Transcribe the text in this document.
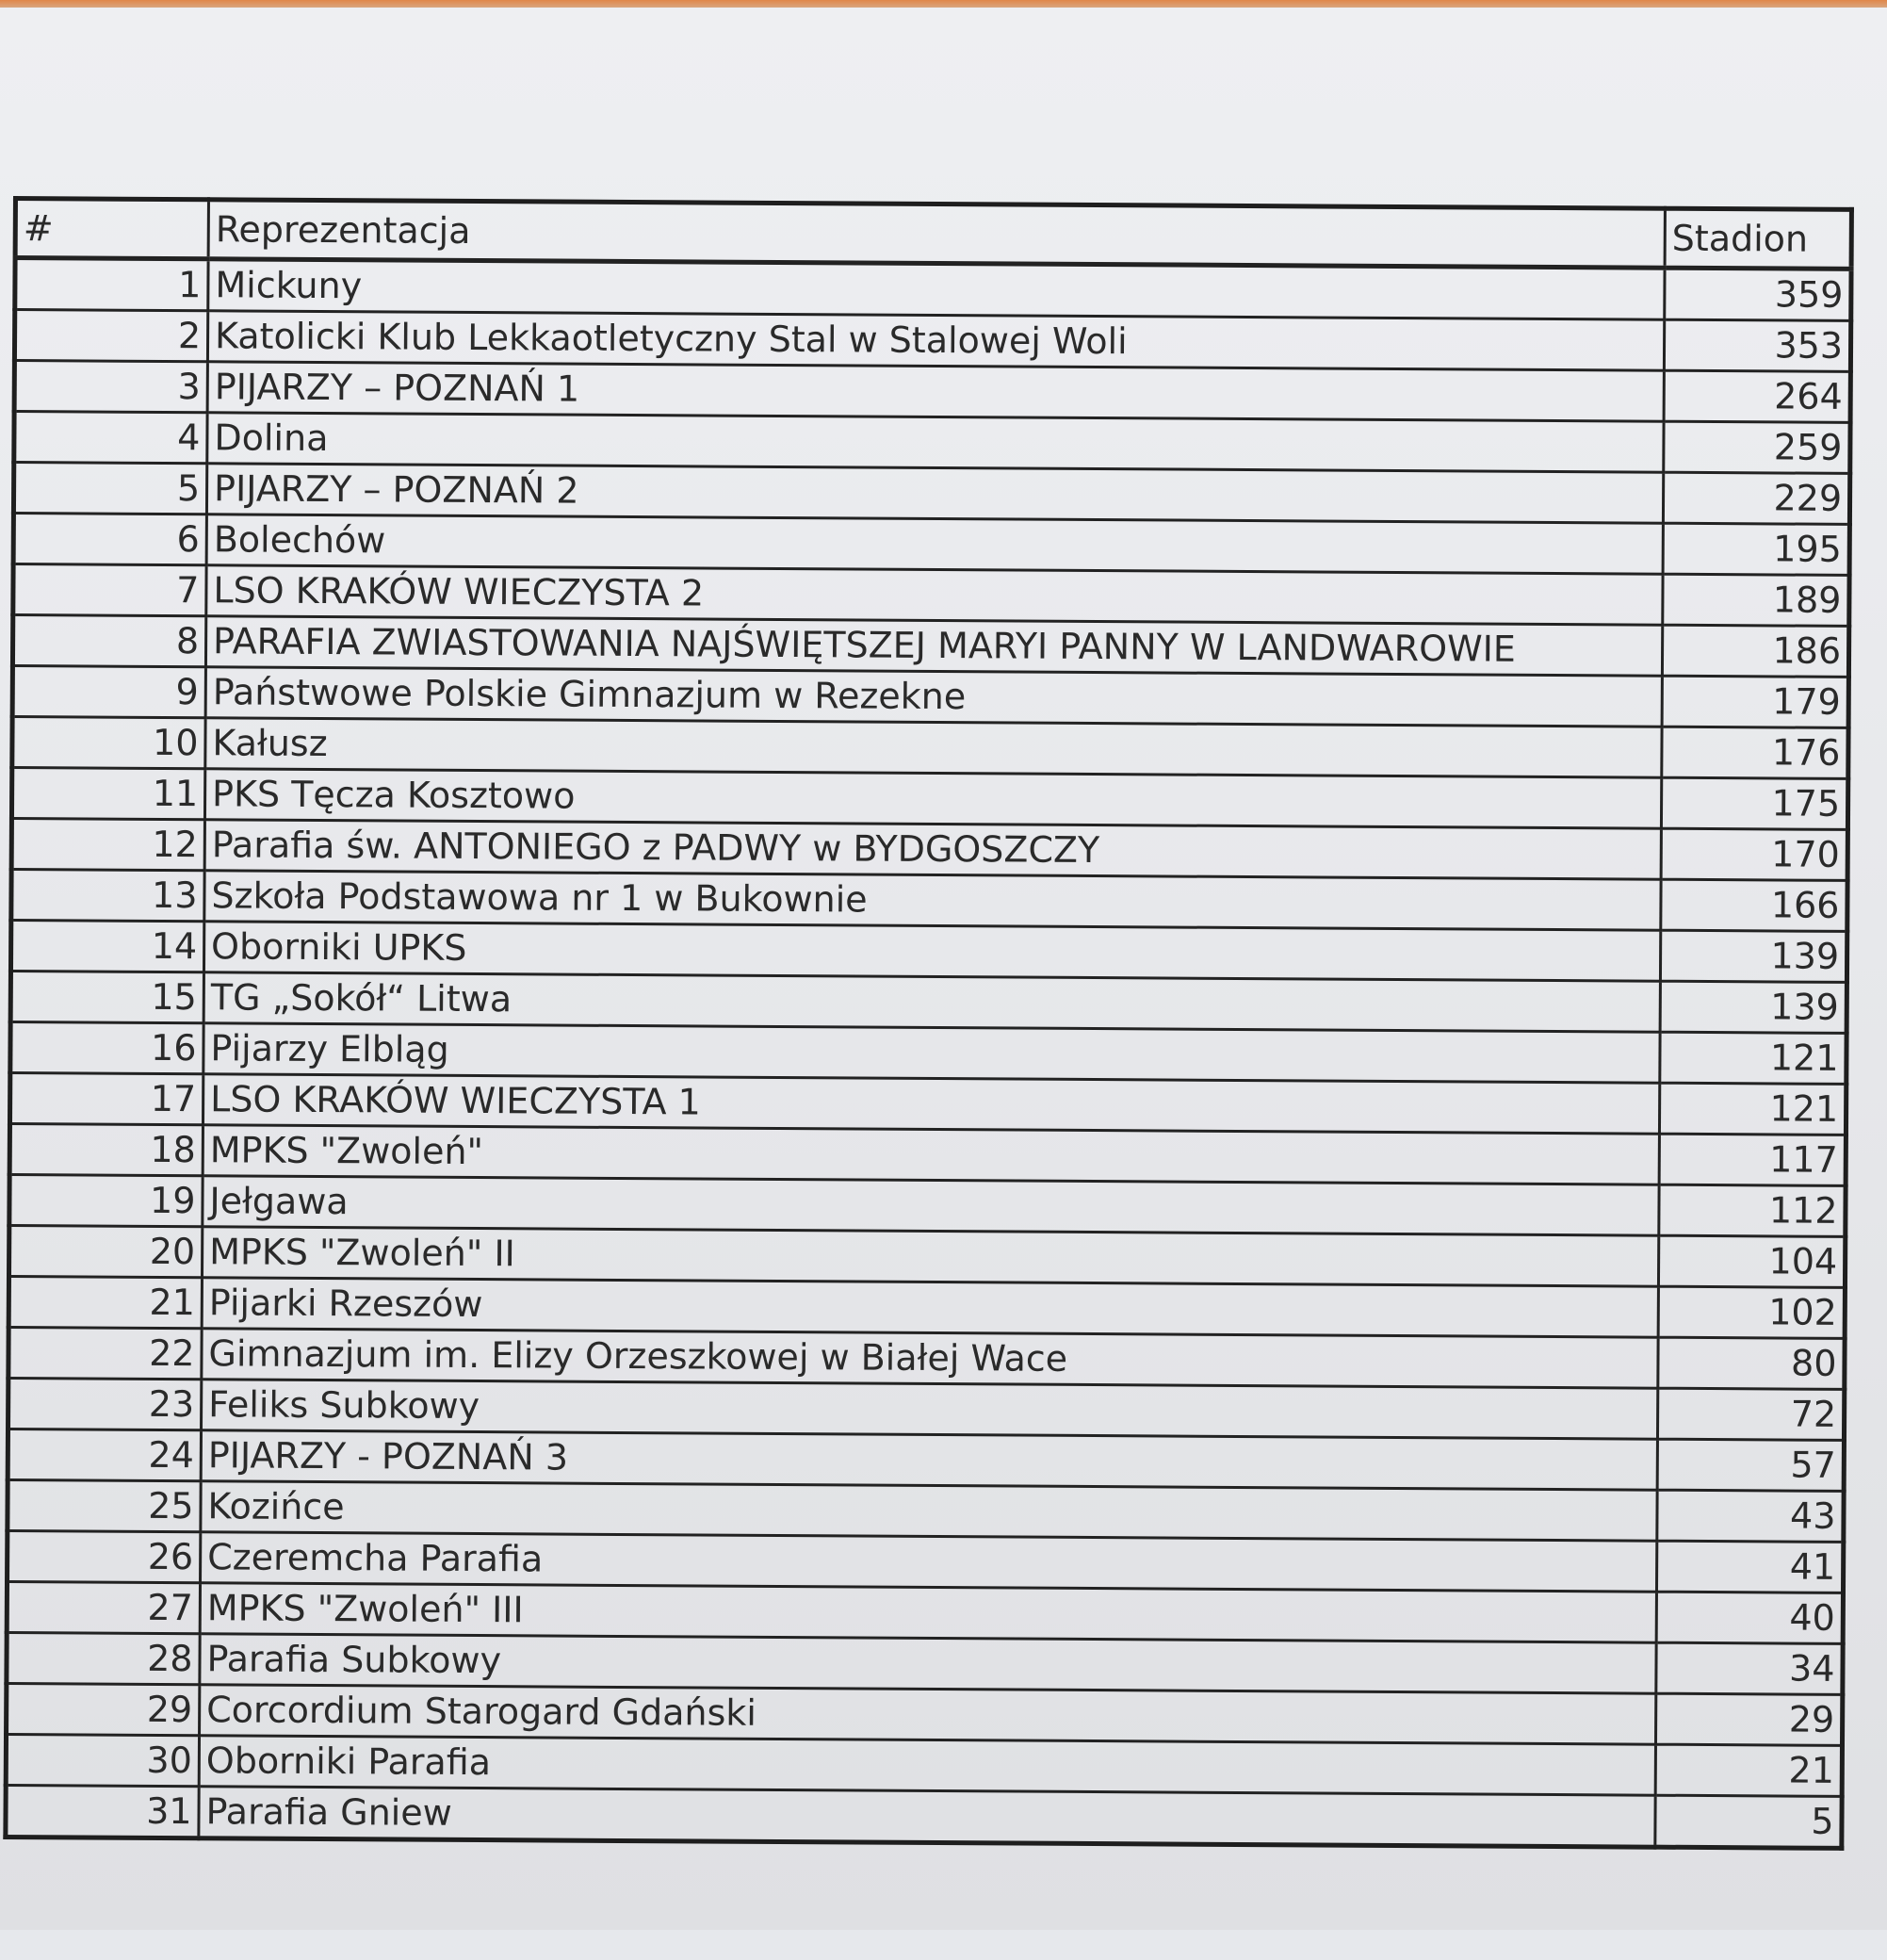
#	Reprezentacja	Stadion
1	Mickuny	359
2	Katolicki Klub Lekkaotletyczny Stal w Stalowej Woli	353
3	PIJARZY – POZNAŃ 1	264
4	Dolina	259
5	PIJARZY – POZNAŃ 2	229
6	Bolechów	195
7	LSO KRAKÓW WIECZYSTA 2	189
8	PARAFIA ZWIASTOWANIA NAJŚWIĘTSZEJ MARYI PANNY W LANDWAROWIE	186
9	Państwowe Polskie Gimnazjum w Rezekne	179
10	Kałusz	176
11	PKS Tęcza Kosztowo	175
12	Parafia św. ANTONIEGO z PADWY w BYDGOSZCZY	170
13	Szkoła Podstawowa nr 1 w Bukownie	166
14	Oborniki UPKS	139
15	TG „Sokół“ Litwa	139
16	Pijarzy Elbląg	121
17	LSO KRAKÓW WIECZYSTA 1	121
18	MPKS "Zwoleń"	117
19	Jełgawa	112
20	MPKS "Zwoleń" II	104
21	Pijarki Rzeszów	102
22	Gimnazjum im. Elizy Orzeszkowej w Białej Wace	80
23	Feliks Subkowy	72
24	PIJARZY - POZNAŃ 3	57
25	Kozińce	43
26	Czeremcha Parafia	41
27	MPKS "Zwoleń" III	40
28	Parafia Subkowy	34
29	Corcordium Starogard Gdański	29
30	Oborniki Parafia	21
31	Parafia Gniew	5
